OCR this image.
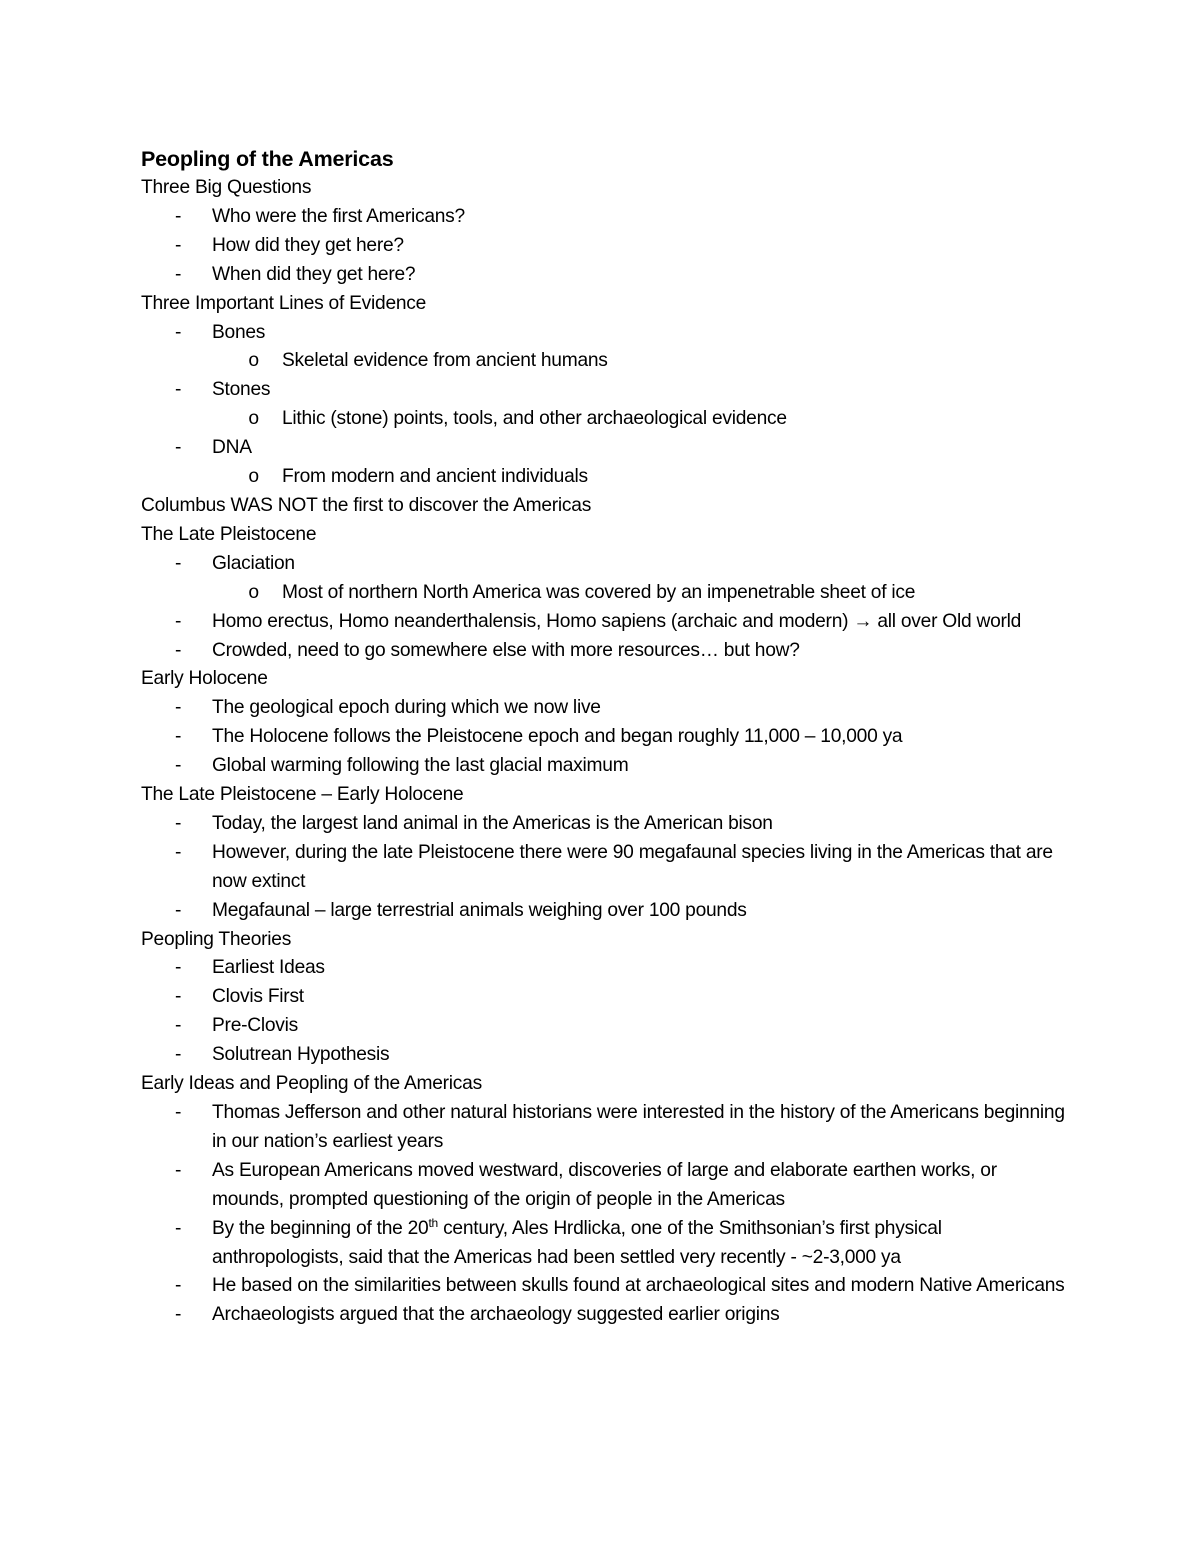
Peopling of the Americas
Three Big Questions
- Who were the first Americans?
- How did they get here?
- When did they get here?
Three Important Lines of Evidence
- Bones
o Skeletal evidence from ancient humans
- Stones
o Lithic (stone) points, tools, and other archaeological evidence
- DNA
o From modern and ancient individuals
Columbus WAS NOT the first to discover the Americas
The Late Pleistocene
- Glaciation
o Most of northern North America was covered by an impenetrable sheet of ice
- Homo erectus, Homo neanderthalensis, Homo sapiens (archaic and modern) → all over Old world
- Crowded, need to go somewhere else with more resources… but how?
Early Holocene
- The geological epoch during which we now live
- The Holocene follows the Pleistocene epoch and began roughly 11,000 – 10,000 ya
- Global warming following the last glacial maximum
The Late Pleistocene – Early Holocene
- Today, the largest land animal in the Americas is the American bison
- However, during the late Pleistocene there were 90 megafaunal species living in the Americas that are now extinct
- Megafaunal – large terrestrial animals weighing over 100 pounds
Peopling Theories
- Earliest Ideas
- Clovis First
- Pre-Clovis
- Solutrean Hypothesis
Early Ideas and Peopling of the Americas
- Thomas Jefferson and other natural historians were interested in the history of the Americans beginning in our nation’s earliest years
- As European Americans moved westward, discoveries of large and elaborate earthen works, or mounds, prompted questioning of the origin of people in the Americas
- By the beginning of the 20th century, Ales Hrdlicka, one of the Smithsonian’s first physical anthropologists, said that the Americas had been settled very recently - ~2-3,000 ya
- He based on the similarities between skulls found at archaeological sites and modern Native Americans
- Archaeologists argued that the archaeology suggested earlier origins
